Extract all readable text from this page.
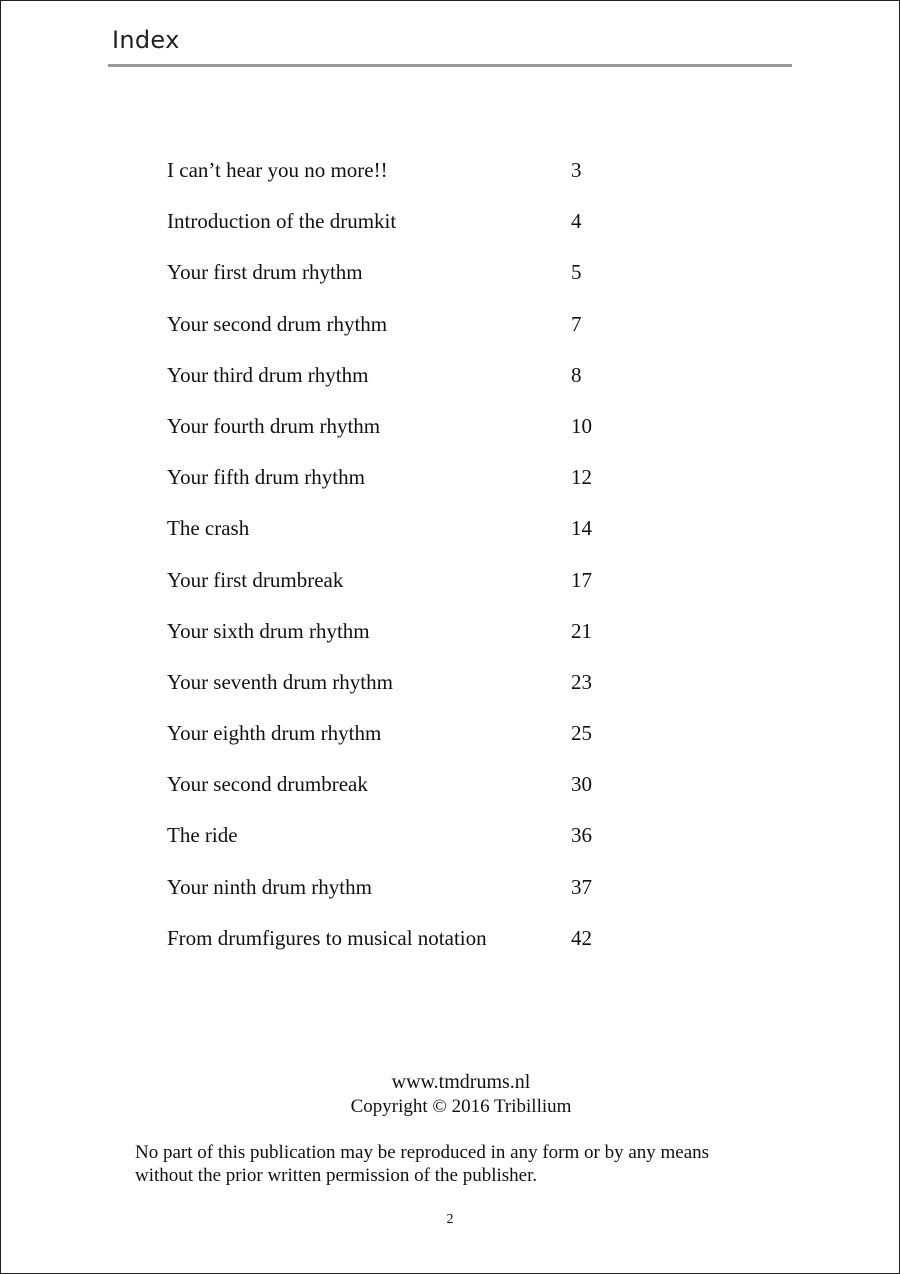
Index
I can’t hear you no more!!	3
Introduction of the drumkit	4
Your first drum rhythm	5
Your second drum rhythm	7
Your third drum rhythm	8
Your fourth drum rhythm	10
Your fifth drum rhythm	12
The crash	14
Your first drumbreak	17
Your sixth drum rhythm	21
Your seventh drum rhythm	23
Your eighth drum rhythm	25
Your second drumbreak	30
The ride	36
Your ninth drum rhythm	37
From drumfigures to musical notation	42
www.tmdrums.nl
Copyright © 2016 Tribillium
No part of this publication may be reproduced in any form or by any means
without the prior written permission of the publisher.
2
